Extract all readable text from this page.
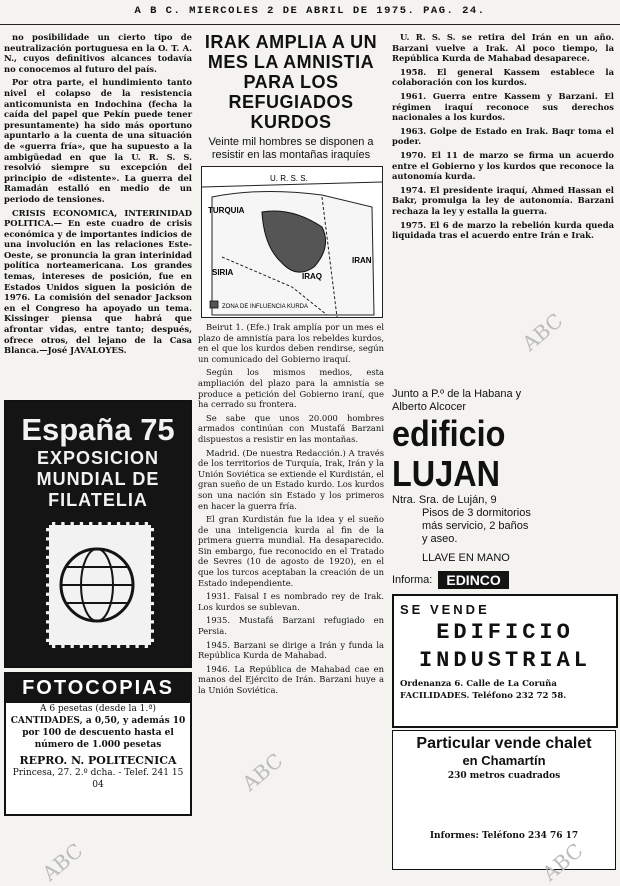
A B C. MIERCOLES 2 DE ABRIL DE 1975. PAG. 24.

no posibilidade un cierto tipo de neutralización portuguesa en la O. T. A. N., cuyos definitivos alcances todavía no conocemos al futuro del país.

Por otra parte, el hundimiento tanto nivel el colapso de la resistencia anticomunista en Indochina (fecha la caída del papel que Pekín puede tener presuntamente) ha sido más oportuno apuntarlo a la cuenta de una situación de «guerra fría», que ha supuesto a la ambigüedad en que la U. R. S. S. resolvió siempre su excepción del principio de «distente». La guerra del Ramadán estalló en medio de un periodo de tensiones.

CRISIS ECONOMICA, INTERINIDAD POLITICA.— En este cuadro de crisis económica y de importantes indicios de una involución en las relaciones Este-Oeste, se pronuncia la gran interinidad política norteamericana. Los grandes temas, intereses de posición, fue en Estados Unidos siguen la posición de 1976. La comisión del senador Jackson en el Congreso ha apoyado un tema. Kissinger piensa que habrá que afrontar vidas, entre tanto; después, ofrece otros, del lejano de la Casa Blanca.—José JAVALOYES.

IRAK AMPLIA A UN MES LA AMNISTIA PARA LOS REFUGIADOS KURDOS
Veinte mil hombres se disponen a resistir en las montañas iraquíes
U. R. S. S.
TURQUIA
SIRIA	IRAQ
IRAN
ZONA DE INFLUENCIA KURDA

Beirut 1. (Efe.) Irak amplía por un mes el plazo de amnistía para los rebeldes kurdos, en el que los kurdos deben rendirse, según un comunicado del Gobierno iraquí.

Según los mismos medios, esta ampliación del plazo para la amnistía se produce a petición del Gobierno iraní, que ha cerrado su frontera.

Se sabe que unos 20.000 hombres armados continúan con Mustafá Barzani dispuestos a resistir en las montañas.

Madrid. (De nuestra Redacción.) A través de los territorios de Turquía, Irak, Irán y la Unión Soviética se extiende el Kurdistán, el gran sueño de un Estado kurdo. Los kurdos son una nación sin Estado y los primeros en hacer la guerra fría.

El gran Kurdistán fue la idea y el sueño de una inteligencia kurda al fin de la primera guerra mundial. Ha desaparecido. Sin embargo, fue reconocido en el Tratado de Sevres (10 de agosto de 1920), en el que los turcos aceptaban la creación de un Estado independiente.

1931. Faisal I es nombrado rey de Irak. Los kurdos se sublevan.

1935. Mustafá Barzani refugiado en Persia.

1945. Barzani se dirige a Irán y funda la República Kurda de Mahabad.

1946. La República de Mahabad cae en manos del Ejército de Irán. Barzani huye a la Unión Soviética.

U. R. S. S. se retira del Irán en un año. Barzani vuelve a Irak. Al poco tiempo, la República Kurda de Mahabad desaparece.

1958. El general Kassem establece la colaboración con los kurdos.

1961. Guerra entre Kassem y Barzani. El régimen iraquí reconoce sus derechos nacionales a los kurdos.

1963. Golpe de Estado en Irak. Baqr toma el poder.

1970. El 11 de marzo se firma un acuerdo entre el Gobierno y los kurdos que reconoce la autonomía kurda.

1974. El presidente iraquí, Ahmed Hassan el Bakr, promulga la ley de autonomía. Barzani rechaza la ley y estalla la guerra.

1975. El 6 de marzo la rebelión kurda queda liquidada tras el acuerdo entre Irán e Irak.

España 75
EXPOSICION
MUNDIAL DE
FILATELIA
FOTOCOPIAS
A 6 pesetas (desde la 1.ª)
CANTIDADES, a 0,50, y además 10
por 100 de descuento hasta el
número de 1.000 pesetas
REPRO. N. POLITECNICA
Princesa, 27. 2.º dcha. - Telef. 241 15 04
Junto a P.º de la Habana y
Alberto Alcocer
edificio LUJAN
Ntra. Sra. de Luján, 9
Pisos de 3 dormitorios
más servicio, 2 baños
y aseo.
LLAVE EN MANO
Informa:	EDINCO
SE VENDE
EDIFICIO
INDUSTRIAL
Ordenanza 6. Calle de La Coruña
FACILIDADES. Teléfono 232 72 58.
Particular vende chalet
en Chamartín
230 metros cuadrados
Informes: Teléfono 234 76 17
ABC
ABC
ABC
ABC
